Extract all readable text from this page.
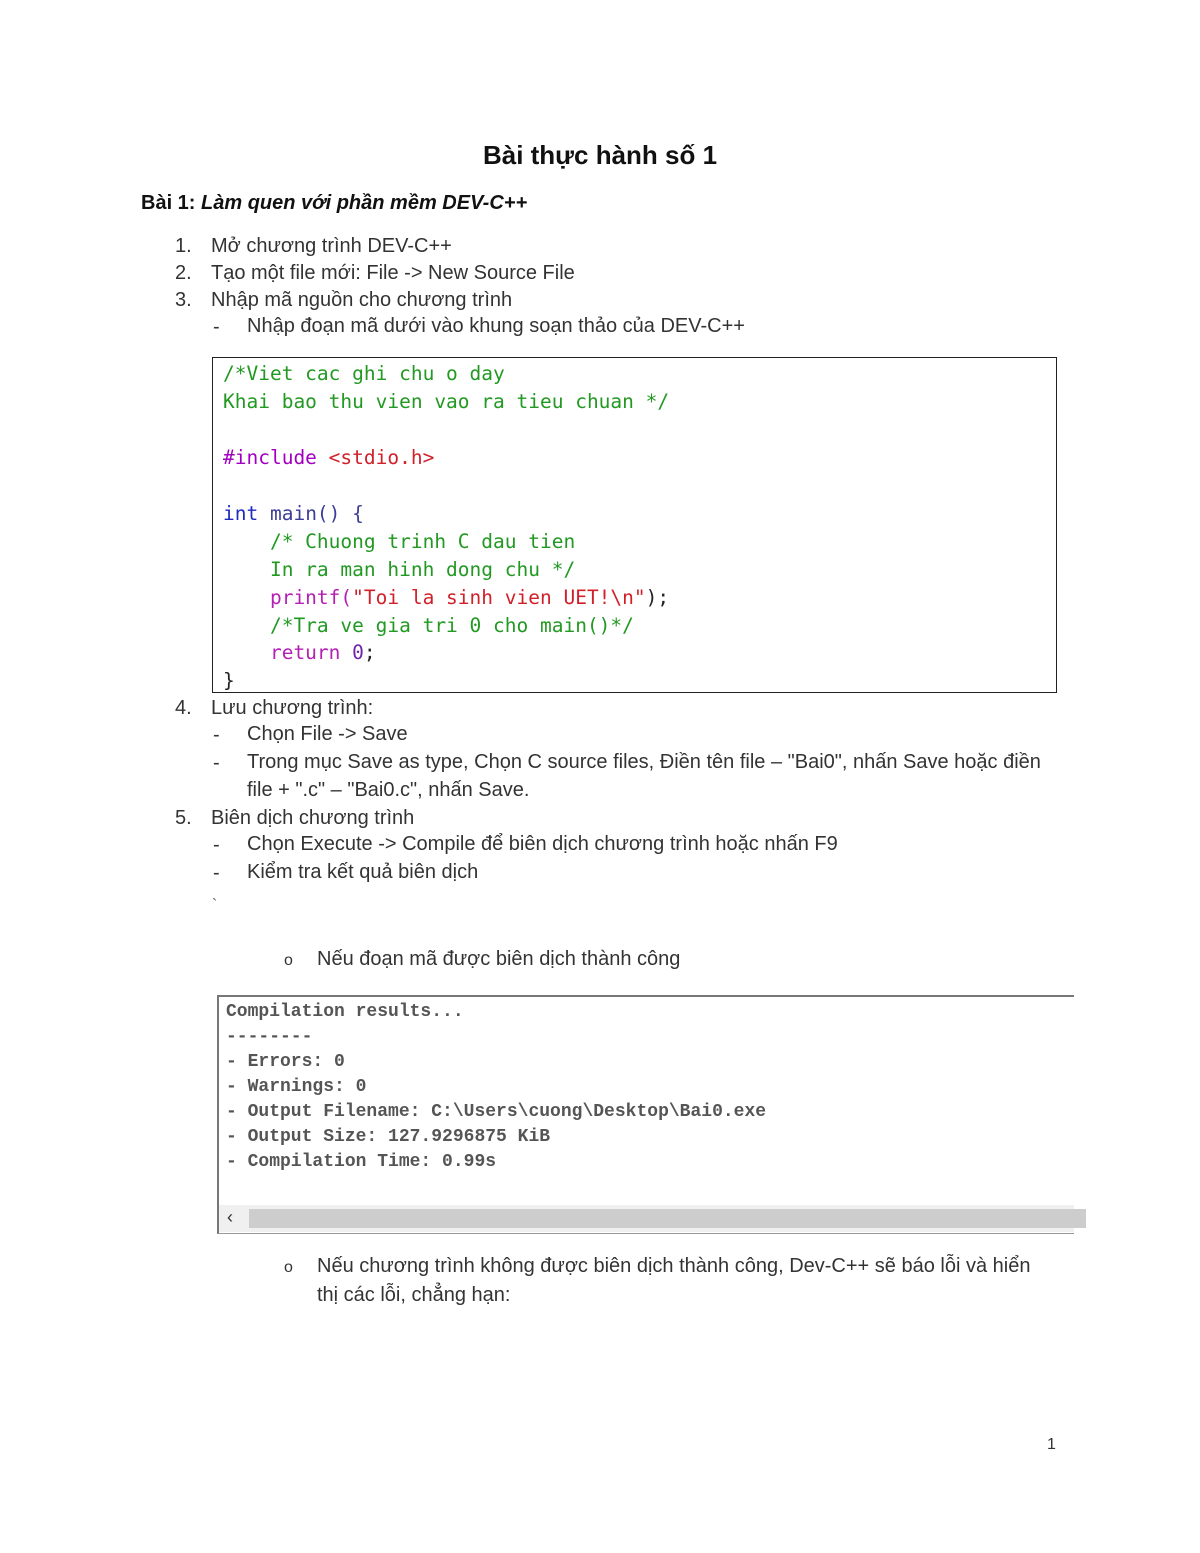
Bài thực hành số 1
Bài 1: Làm quen với phần mềm DEV-C++
1. Mở chương trình DEV-C++
2. Tạo một file mới: File -> New Source File
3. Nhập mã nguồn cho chương trình
- Nhập đoạn mã dưới vào khung soạn thảo của DEV-C++
/*Viet cac ghi chu o day
Khai bao thu vien vao ra tieu chuan */
#include <stdio.h>
int main() {
/* Chuong trinh C dau tien
In ra man hinh dong chu */
printf("Toi la sinh vien UET!\n");
/*Tra ve gia tri 0 cho main()*/
return 0;
}
4. Lưu chương trình:
- Chọn File -> Save
- Trong mục Save as type, Chọn C source files, Điền tên file – "Bai0", nhấn Save hoặc điền file + ".c" – "Bai0.c", nhấn Save.
5. Biên dịch chương trình
- Chọn Execute -> Compile để biên dịch chương trình hoặc nhấn F9
- Kiểm tra kết quả biên dịch
`
o Nếu đoạn mã được biên dịch thành công
Compilation results...
--------
- Errors: 0
- Warnings: 0
- Output Filename: C:\Users\cuong\Desktop\Bai0.exe
- Output Size: 127.9296875 KiB
- Compilation Time: 0.99s
‹
o Nếu chương trình không được biên dịch thành công, Dev-C++ sẽ báo lỗi và hiển thị các lỗi, chẳng hạn:
1
